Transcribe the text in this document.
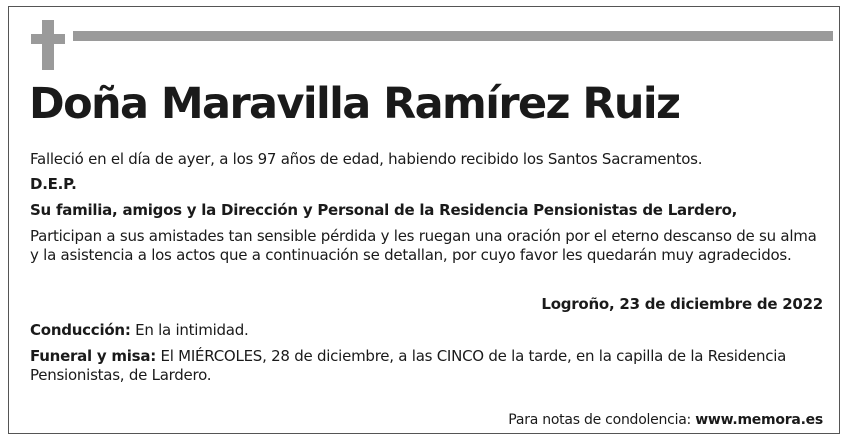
Doña Maravilla Ramírez Ruiz
Falleció en el día de ayer, a los 97 años de edad, habiendo recibido los Santos Sacramentos.
D.E.P.
Su familia, amigos y la Dirección y Personal de la Residencia Pensionistas de Lardero,
Participan a sus amistades tan sensible pérdida y les ruegan una oración por el eterno descanso de su alma
y la asistencia a los actos que a continuación se detallan, por cuyo favor les quedarán muy agradecidos.
Logroño, 23 de diciembre de 2022
Conducción: En la intimidad.
Funeral y misa: El MIÉRCOLES, 28 de diciembre, a las CINCO de la tarde, en la capilla de la Residencia
Pensionistas, de Lardero.
Para notas de condolencia: www.memora.es
